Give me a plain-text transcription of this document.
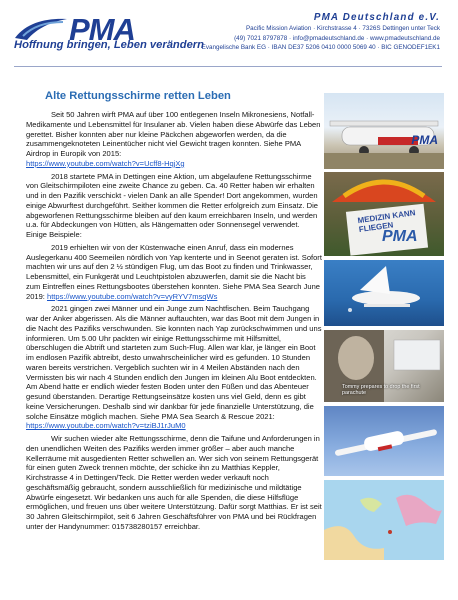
PMA
Hoffnung bringen, Leben verändern
PMA Deutschland e.V.
Pacific Mission Aviation · Kirchstrasse 4 · 7326S Dettingen unter Teck
(49) 7021 8797878 · info@pmadeutschland.de · www.pmadeutschland.de
Evangelische Bank EG · IBAN DE37 5206 0410 0000 5069 40 · BIC GENODEF1EK1
Alte Rettungsschirme retten Leben

Seit 50 Jahren wirft PMA auf über 100 entlegenen Inseln Mikronesiens, Notfall-Medikamente und Lebensmittel für Insulaner ab. Vielen haben diese Abwürfe das Leben gerettet. Bisher konnten aber nur kleine Päckchen abgeworfen werden, da die zusammengeknoteten Leinentücher nicht viel Gewicht tragen konnten. Siehe PMA Airdrop in Europik von 2015:
https://www.youtube.com/watch?v=Ucff8-HqjXg

2018 startete PMA in Dettingen eine Aktion, um abgelaufene Rettungsschirme von Gleitschirmpiloten eine zweite Chance zu geben. Ca. 40 Retter haben wir erhalten und in den Pazifik verschickt - vielen Dank an alle Spender! Dort angekommen, wurden einige Abwurftest durchgeführt. Seither kommen die Retter erfolgreich zum Einsatz. Die abgeworfenen Rettungsschirme bleiben auf den kaum erreichbaren Inseln, und werden u.a. für Abdeckungen von Hütten, als Hängematten oder Sonnensegel verwendet. Einige Beispiele:

2019 erhielten wir von der Küstenwache einen Anruf, dass ein modernes Auslegerkanu 400 Seemeilen nördlich von Yap kenterte und in Seenot geraten ist. Sofort machten wir uns auf den 2 ½ stündigen Flug, um das Boot zu finden und Trinkwasser, Lebensmittel, ein Funkgerät und Leuchtpistolen abzuwerfen, damit sie die Nacht bis zum Eintreffen eines Rettungsbootes überstehen konnten. Siehe PMA Sea Search June 2019: https://www.youtube.com/watch?v=vyRYV7msqWs

2021 gingen zwei Männer und ein Junge zum Nachtfischen. Beim Tauchgang war der Anker abgerissen. Als die Männer auftauchten, war das Boot mit dem Jungen in die Nacht des Pazifiks verschwunden. Sie konnten nach Yap zurückschwimmen und uns informieren. Um 5.00 Uhr packten wir einige Rettungsschirme mit Hilfsmittel, überschlugen die Abtrift und starteten zum Such-Flug. Allen war klar, je länger ein Boot im endlosen Pazifik abtreibt, desto unwahrscheinlicher wird es gefunden. 10 Stunden waren bereits verstrichen. Vergeblich suchten wir in 4 Meilen Abständen nach den Vermissten bis wir nach 4 Stunden endlich den Jungen im kleinen Alu Boot entdeckten. Am Abend hatte er endlich wieder festen Boden unter den Füßen und das Abenteuer gesund überstanden. Derartige Rettungseinsätze kosten uns viel Geld, denn es gibt keine Versicherungen. Deshalb sind wir dankbar für jede finanzielle Unterstützung, die solche Einsätze möglich machen. Siehe PMA Sea Search & Rescue 2021:
https://www.youtube.com/watch?v=tziBJ1rJuM0

Wir suchen wieder alte Rettungsschirme, denn die Taifune und Anforderungen in den unendlichen Weiten des Pazifiks werden immer größer – aber auch manche Kellerräume mit ausgedienten Retter schwellen an. Wer sich von seinem Rettungsgerät für einen guten Zweck trennen möchte, der schicke ihn zu Matthias Keppler, Kirchstrasse 4 in Dettingen/Teck. Die Retter werden weder verkauft noch geschäftsmäßig gebraucht, sondern ausschließlich für medizinische und mildtätige Abwürfe eingesetzt. Wir bedanken uns auch für alle Spenden, die diese Hilfsflüge ermöglichen, und freuen uns über weitere Unterstützung. Dafür sorgt Matthias. Er ist seit 30 Jahren Gleitschirmpilot, seit 6 Jahren Geschäftsführer von PMA und bei Rückfragen unter der Handynummer: 015738280157 erreichbar.

PMA
MEDIZIN KANN FLIEGEN
PMA
Tommy prepares to drop the first parachute
